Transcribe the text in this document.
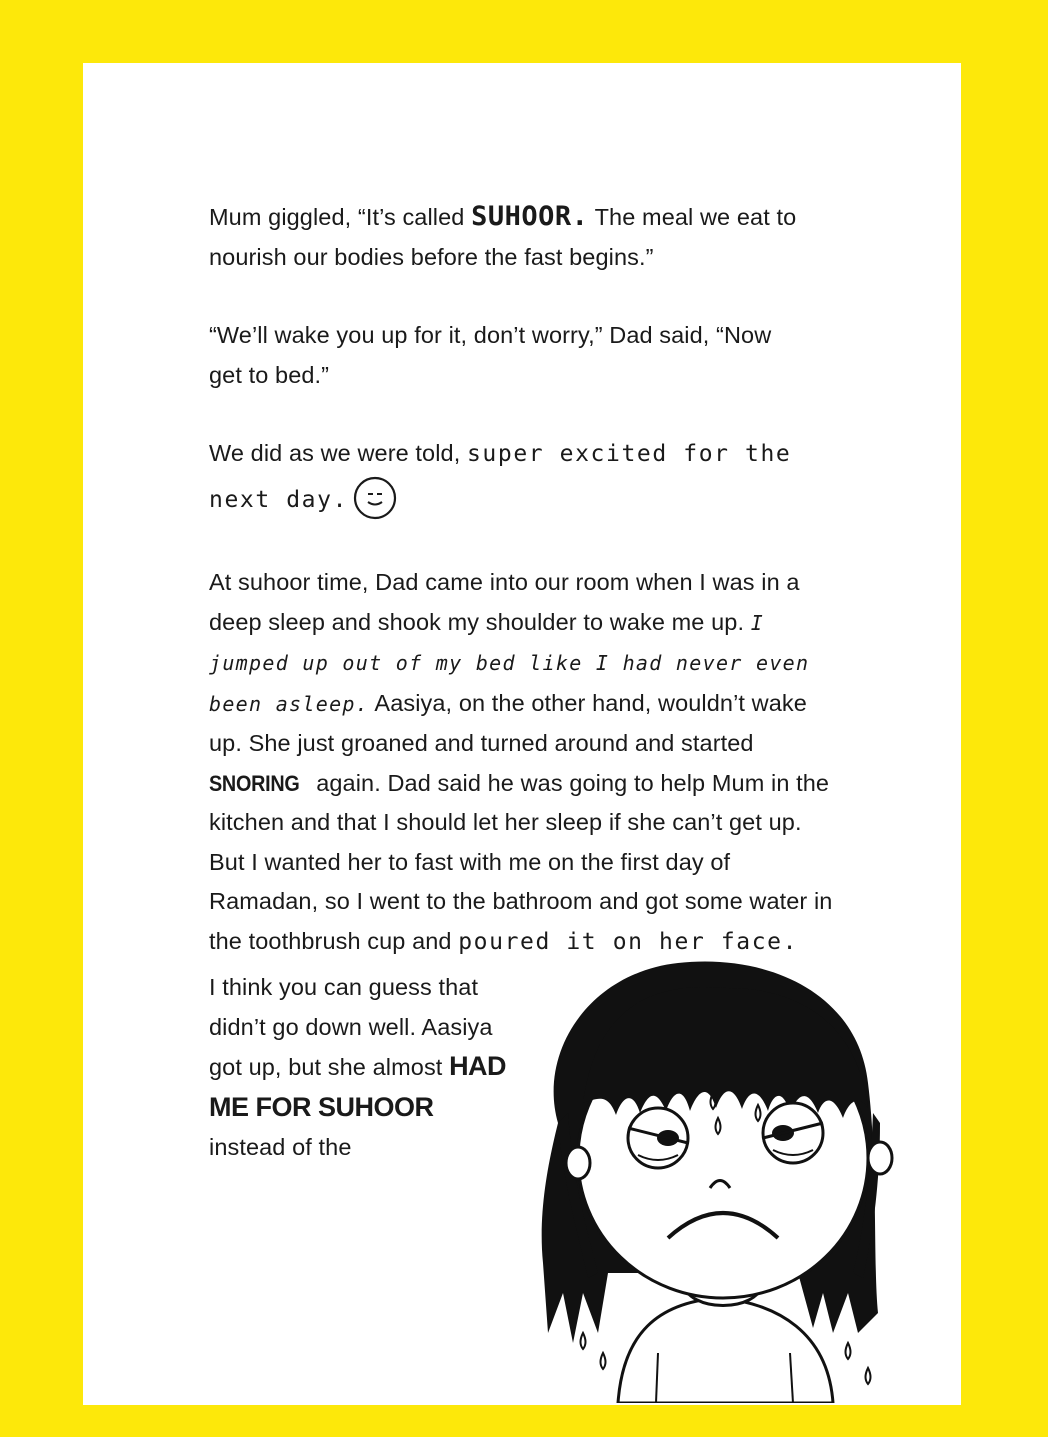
Mum giggled, “It’s called SUHOOR. The meal we eat to nourish our bodies before the fast begins.”

“We’ll wake you up for it, don’t worry,” Dad said, “Now get to bed.”

We did as we were told, super excited for the next day.

At suhoor time, Dad came into our room when I was in a deep sleep and shook my shoulder to wake me up. I jumped up out of my bed like I had never even been asleep. Aasiya, on the other hand, wouldn’t wake up. She just groaned and turned around and started SNORING again. Dad said he was going to help Mum in the kitchen and that I should let her sleep if she can’t get up. But I wanted her to fast with me on the first day of Ramadan, so I went to the bathroom and got some water in the toothbrush cup and poured it on her face.

I think you can guess that didn’t go down well. Aasiya got up, but she almost HAD ME FOR SUHOOR instead of the
